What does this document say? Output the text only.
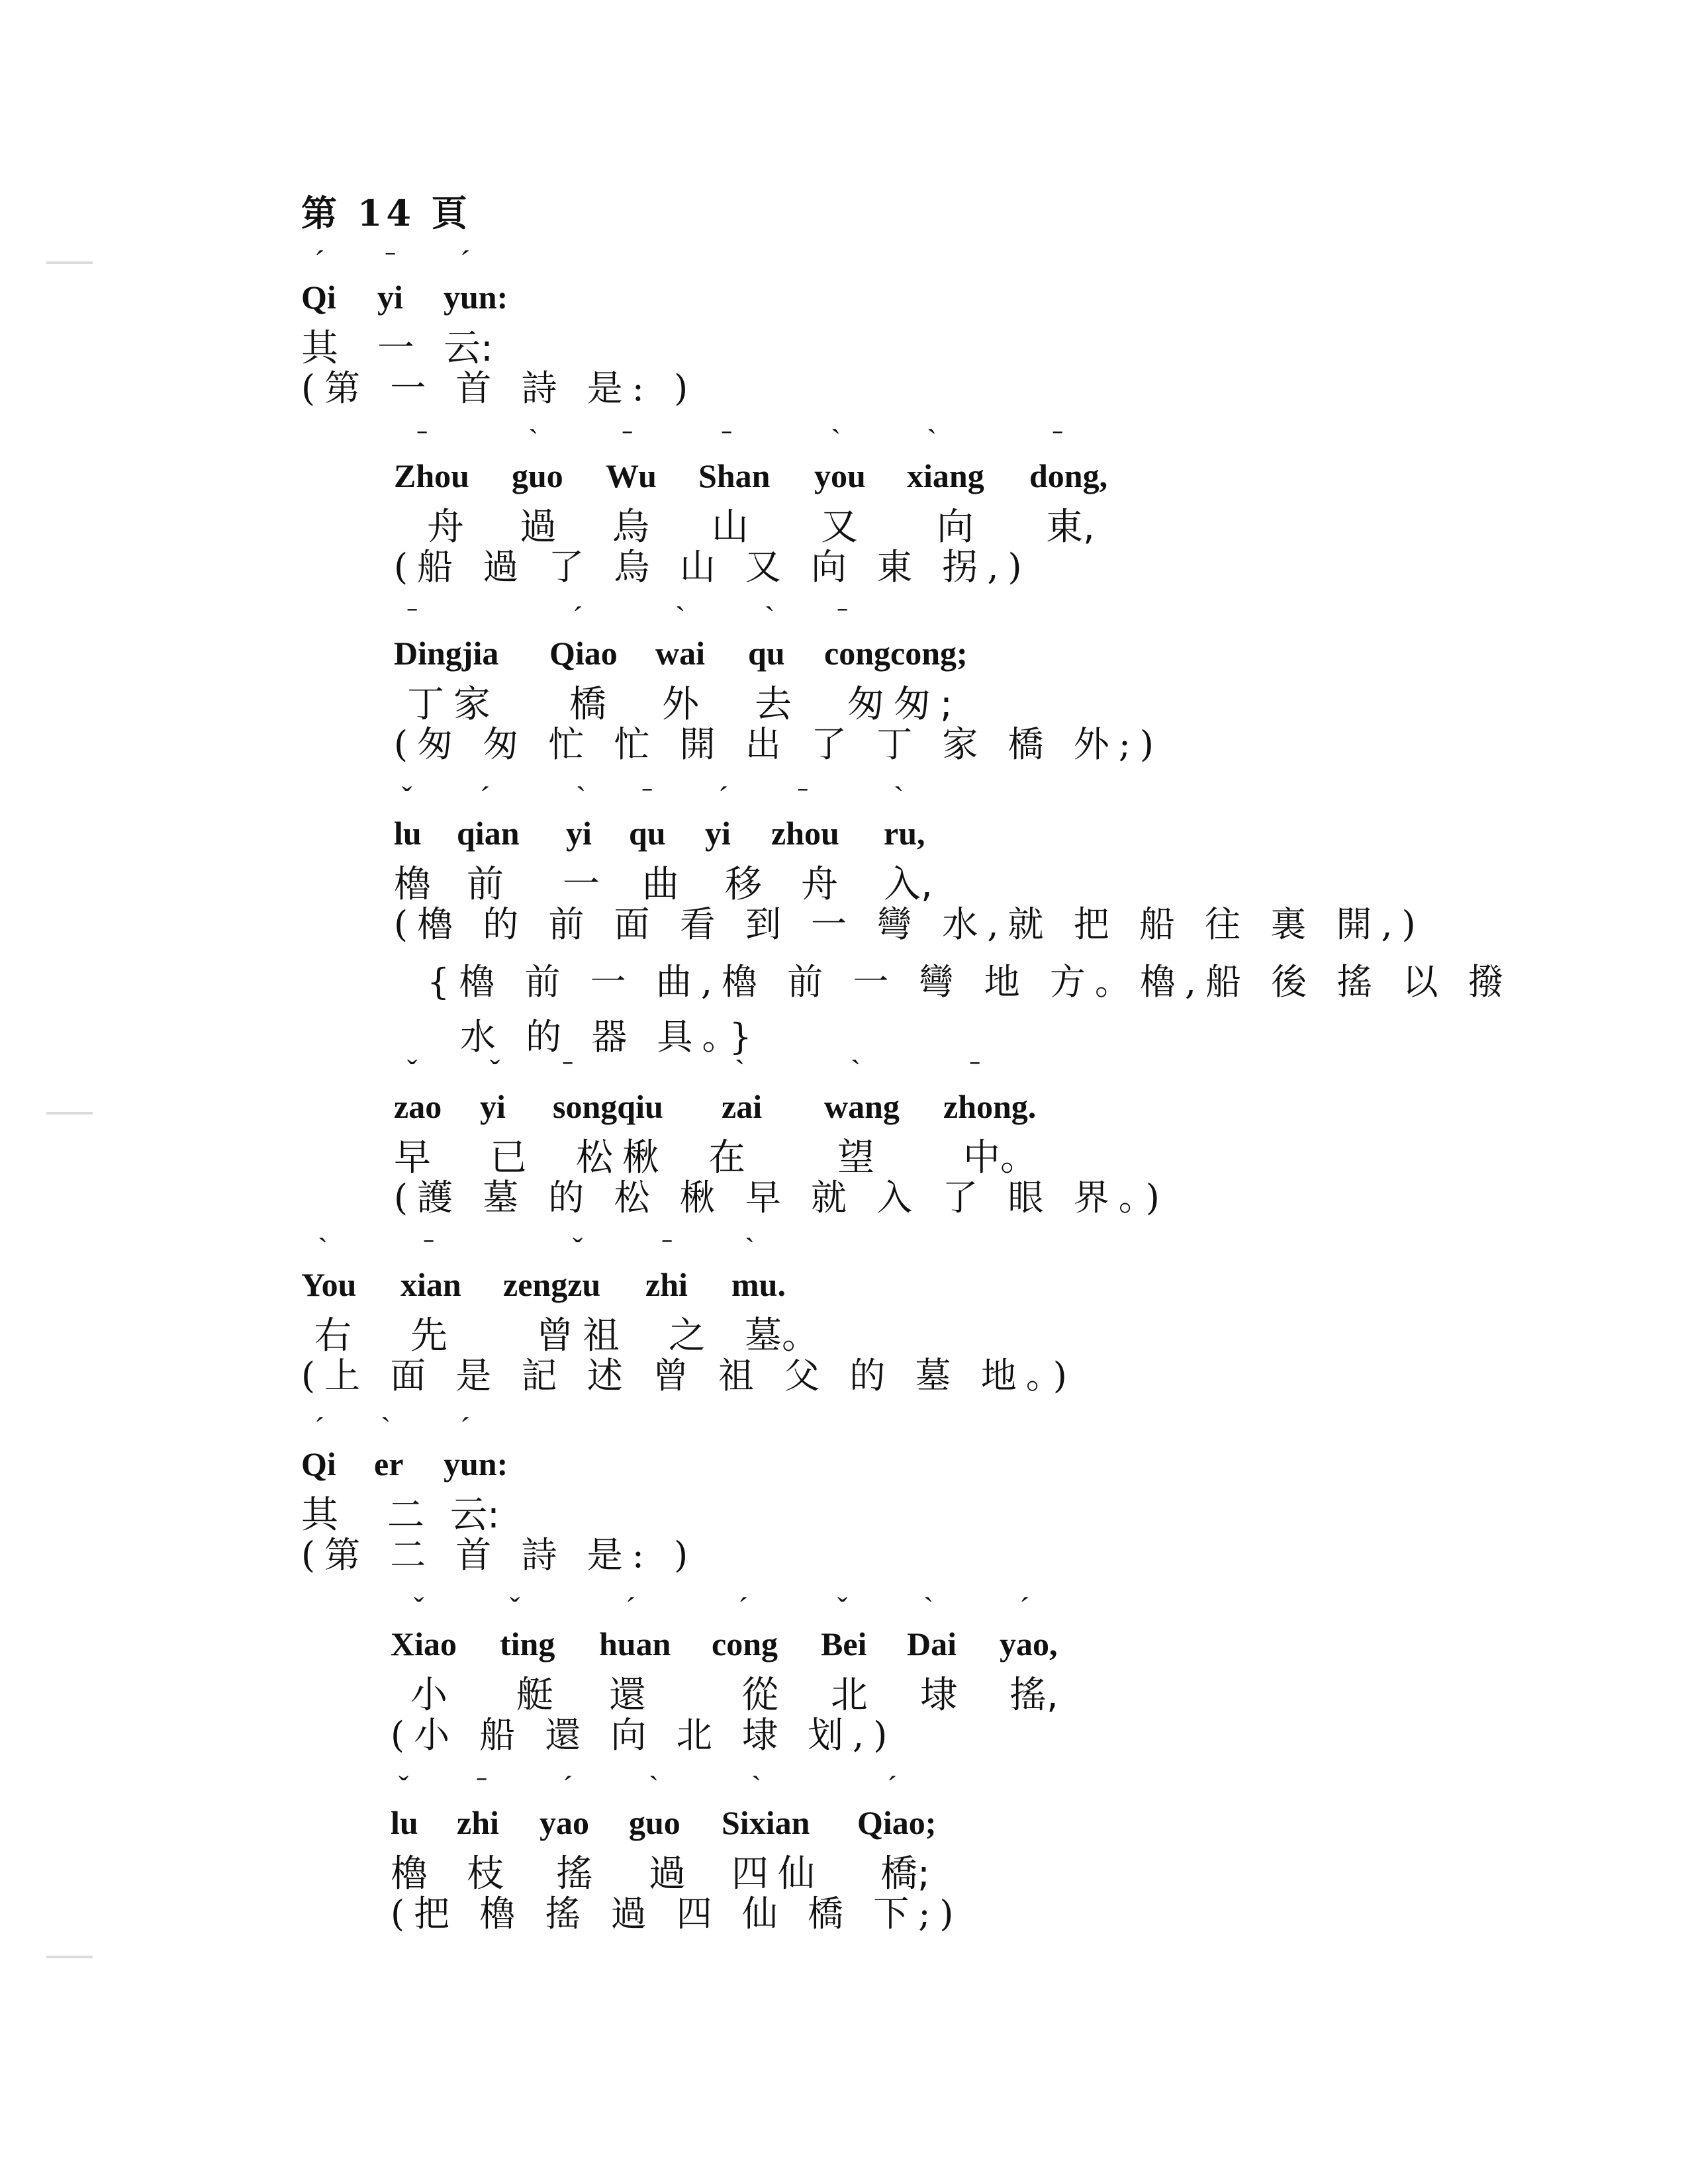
第 14 頁
ˊ
Qi
ˉ
yi
ˊ
yun:
其 一 云:
(第 一 首 詩 是: )
ˉ
Zhou
ˋ
guo
ˉ
Wu
ˉ
Shan
ˋ
you
ˋ
xiang
ˉ
dong,
舟 過 烏 山 又 向 東,
(船 過 了 烏 山 又 向 東 拐,)
ˉ
Dingjia
ˊ
Qiao
ˋ
wai
ˋ
qu
ˉ
congcong;
丁家 橋 外 去 匆匆;
(匆 匆 忙 忙 開 出 了 丁 家 橋 外;)
ˇ
lu
ˊ
qian
ˋ
yi
ˉ
qu
ˊ
yi
ˉ
zhou
ˋ
ru,
櫓 前 一 曲 移 舟 入,
(櫓 的 前 面 看 到 一 彎 水,就 把 船 往 裏 開,)
{櫓 前 一 曲,櫓 前 一 彎 地 方。櫓,船 後 搖 以 撥
水 的 器 具。}
ˇ
zao
ˇ
yi
ˉ
songqiu
ˋ
zai
ˋ
wang
ˉ
zhong.
早 已 松楸 在 望 中。
(護 墓 的 松 楸 早 就 入 了 眼 界。)
ˋ
You
ˉ
xian
ˇ
zengzu
ˉ
zhi
ˋ
mu.
右 先 曾祖 之 墓。
(上 面 是 記 述 曾 祖 父 的 墓 地。)
ˊ
Qi
ˋ
er
ˊ
yun:
其 二 云:
(第 二 首 詩 是: )
ˇ
Xiao
ˇ
ting
ˊ
huan
ˊ
cong
ˇ
Bei
ˋ
Dai
ˊ
yao,
小 艇 還	從 北 埭 搖,
(小 船 還 向 北 埭 划,)
ˇ
lu
ˉ
zhi
ˊ
yao
ˋ
guo
ˋ
Sixian
ˊ
Qiao;
櫓 枝 搖 過 四仙 橋;
(把 櫓 搖 過 四 仙 橋 下;)
